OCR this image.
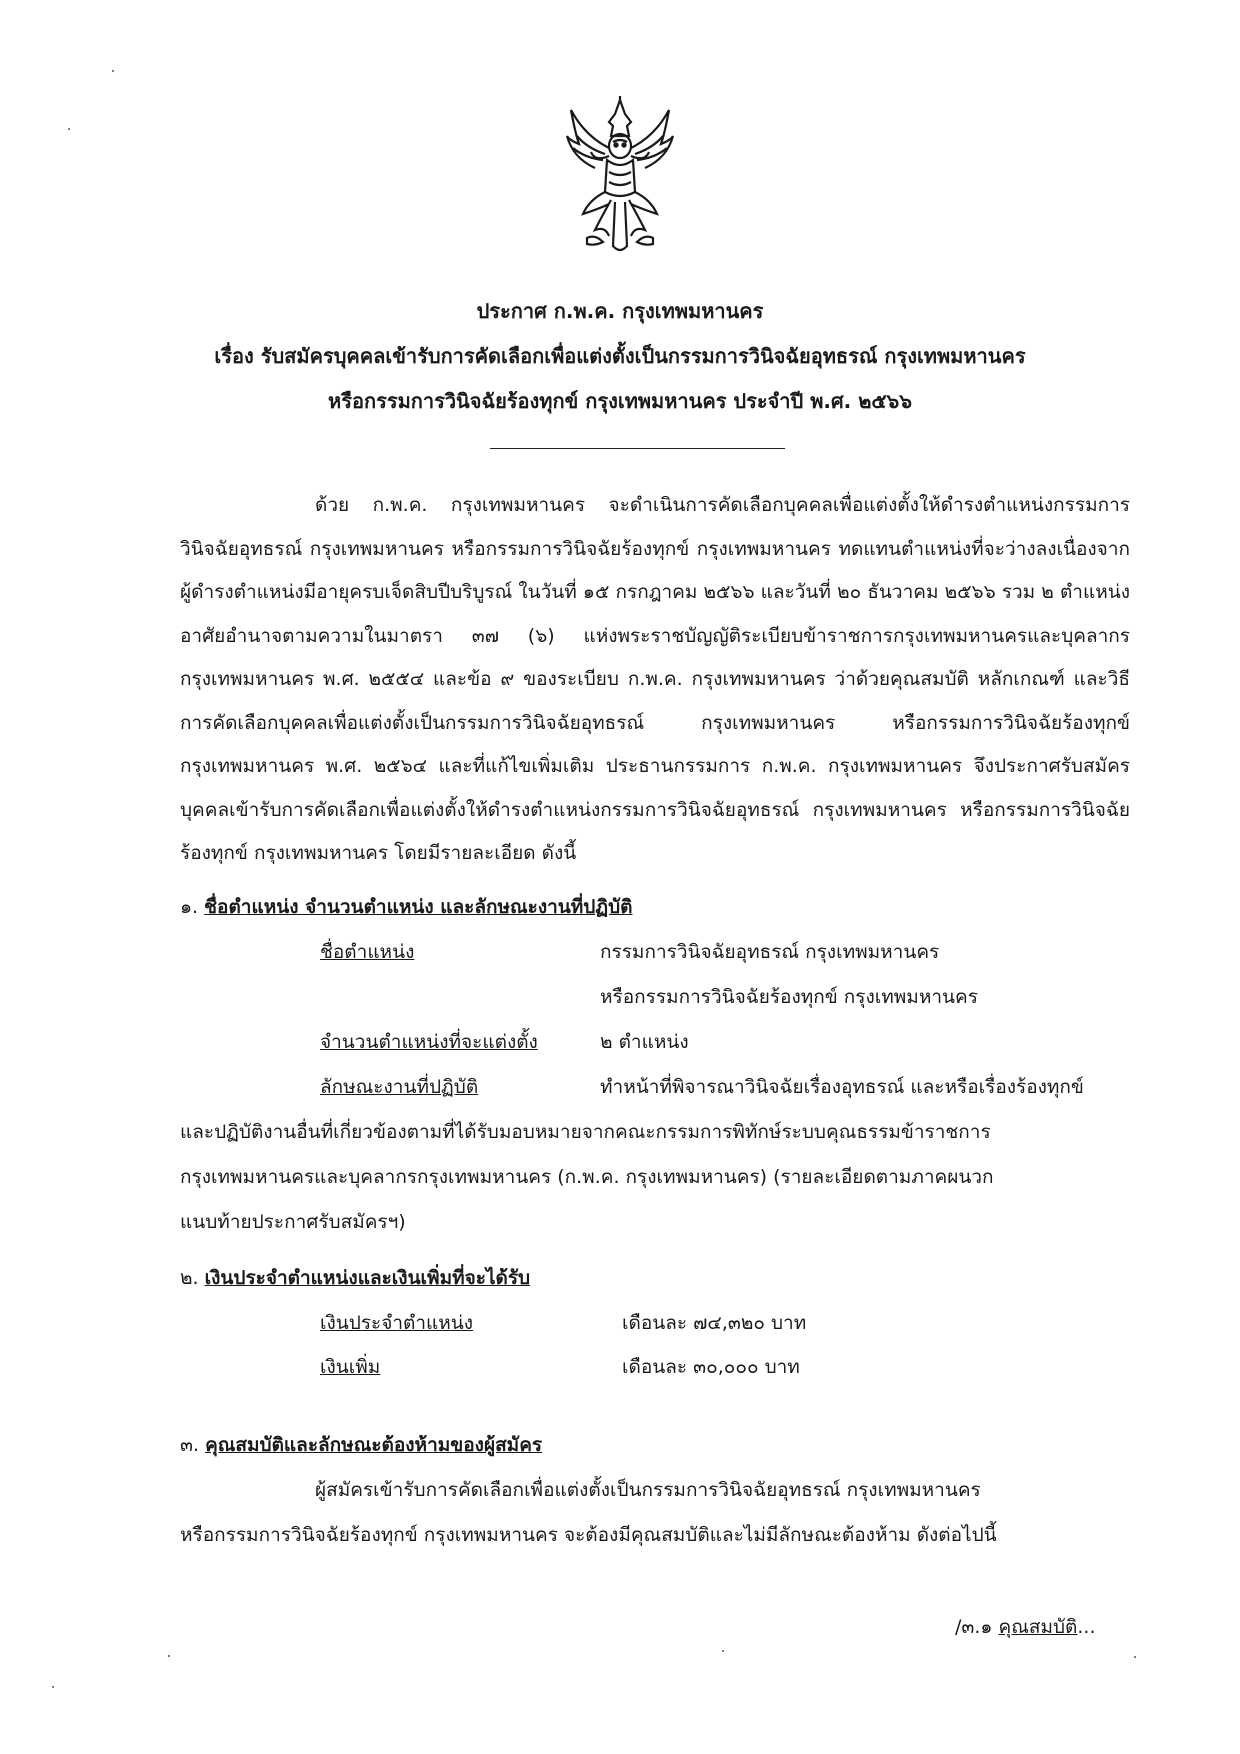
ประกาศ ก.พ.ค. กรุงเทพมหานคร
เรื่อง รับสมัครบุคคลเข้ารับการคัดเลือกเพื่อแต่งตั้งเป็นกรรมการวินิจฉัยอุทธรณ์ กรุงเทพมหานคร
หรือกรรมการวินิจฉัยร้องทุกข์ กรุงเทพมหานคร ประจำปี พ.ศ. ๒๕๖๖

ด้วย ก.พ.ค. กรุงเทพมหานคร จะดำเนินการคัดเลือกบุคคลเพื่อแต่งตั้งให้ดำรงตำแหน่งกรรมการวินิจฉัยอุทธรณ์ กรุงเทพมหานคร หรือกรรมการวินิจฉัยร้องทุกข์ กรุงเทพมหานคร ทดแทนตำแหน่งที่จะว่างลงเนื่องจากผู้ดำรงตำแหน่งมีอายุครบเจ็ดสิบปีบริบูรณ์ ในวันที่ ๑๕ กรกฎาคม ๒๕๖๖ และวันที่ ๒๐ ธันวาคม ๒๕๖๖ รวม ๒ ตำแหน่ง อาศัยอำนาจตามความในมาตรา ๓๗ (๖) แห่งพระราชบัญญัติระเบียบข้าราชการกรุงเทพมหานครและบุคลากรกรุงเทพมหานคร พ.ศ. ๒๕๕๔ และข้อ ๙ ของระเบียบ ก.พ.ค. กรุงเทพมหานคร ว่าด้วยคุณสมบัติ หลักเกณฑ์ และวิธีการคัดเลือกบุคคลเพื่อแต่งตั้งเป็นกรรมการวินิจฉัยอุทธรณ์ กรุงเทพมหานคร หรือกรรมการวินิจฉัยร้องทุกข์ กรุงเทพมหานคร พ.ศ. ๒๕๖๔ และที่แก้ไขเพิ่มเติม ประธานกรรมการ ก.พ.ค. กรุงเทพมหานคร จึงประกาศรับสมัครบุคคลเข้ารับการคัดเลือกเพื่อแต่งตั้งให้ดำรงตำแหน่งกรรมการวินิจฉัยอุทธรณ์ กรุงเทพมหานคร หรือกรรมการวินิจฉัยร้องทุกข์ กรุงเทพมหานคร โดยมีรายละเอียด ดังนี้

๑. ชื่อตำแหน่ง จำนวนตำแหน่ง และลักษณะงานที่ปฏิบัติ
ชื่อตำแหน่ง	กรรมการวินิจฉัยอุทธรณ์ กรุงเทพมหานคร
หรือกรรมการวินิจฉัยร้องทุกข์ กรุงเทพมหานคร
จำนวนตำแหน่งที่จะแต่งตั้ง	๒ ตำแหน่ง
ลักษณะงานที่ปฏิบัติ	ทำหน้าที่พิจารณาวินิจฉัยเรื่องอุทธรณ์ และหรือเรื่องร้องทุกข์
และปฏิบัติงานอื่นที่เกี่ยวข้องตามที่ได้รับมอบหมายจากคณะกรรมการพิทักษ์ระบบคุณธรรมข้าราชการ
กรุงเทพมหานครและบุคลากรกรุงเทพมหานคร (ก.พ.ค. กรุงเทพมหานคร) (รายละเอียดตามภาคผนวก
แนบท้ายประกาศรับสมัครฯ)
๒. เงินประจำตำแหน่งและเงินเพิ่มที่จะได้รับ
เงินประจำตำแหน่ง	เดือนละ ๗๔,๓๒๐ บาท
เงินเพิ่ม	เดือนละ ๓๐,๐๐๐ บาท
๓. คุณสมบัติและลักษณะต้องห้ามของผู้สมัคร
ผู้สมัครเข้ารับการคัดเลือกเพื่อแต่งตั้งเป็นกรรมการวินิจฉัยอุทธรณ์ กรุงเทพมหานคร
หรือกรรมการวินิจฉัยร้องทุกข์ กรุงเทพมหานคร จะต้องมีคุณสมบัติและไม่มีลักษณะต้องห้าม ดังต่อไปนี้
/๓.๑ คุณสมบัติ...
